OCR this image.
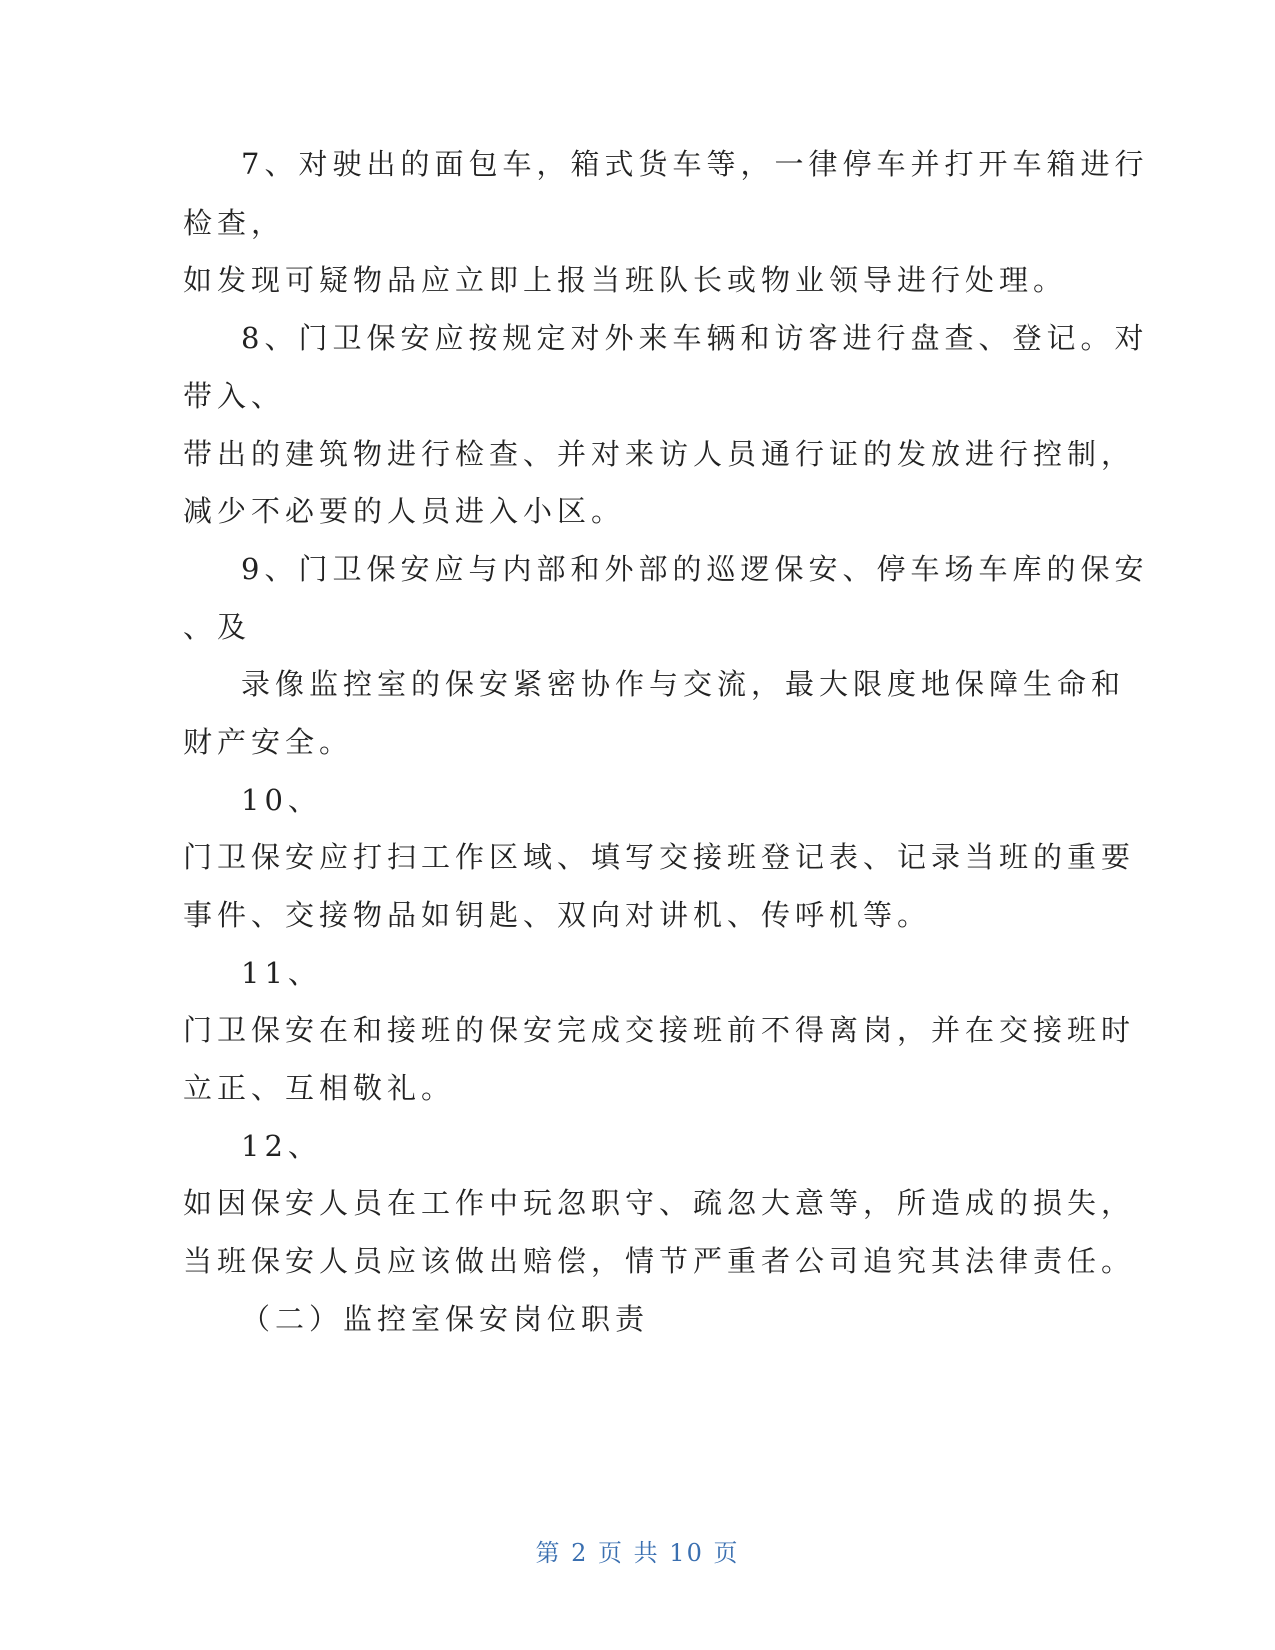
7、对驶出的面包车，箱式货车等，一律停车并打开车箱进行
检查，
如发现可疑物品应立即上报当班队长或物业领导进行处理。
8、门卫保安应按规定对外来车辆和访客进行盘查、登记。对
带入、
带出的建筑物进行检查、并对来访人员通行证的发放进行控制，
减少不必要的人员进入小区。
9、门卫保安应与内部和外部的巡逻保安、停车场车库的保安
、及
录像监控室的保安紧密协作与交流，最大限度地保障生命和
财产安全。
10、
门卫保安应打扫工作区域、填写交接班登记表、记录当班的重要
事件、交接物品如钥匙、双向对讲机、传呼机等。
11、
门卫保安在和接班的保安完成交接班前不得离岗，并在交接班时
立正、互相敬礼。
12、
如因保安人员在工作中玩忽职守、疏忽大意等，所造成的损失，
当班保安人员应该做出赔偿，情节严重者公司追究其法律责任。
（二）监控室保安岗位职责
第 2 页 共 10 页
